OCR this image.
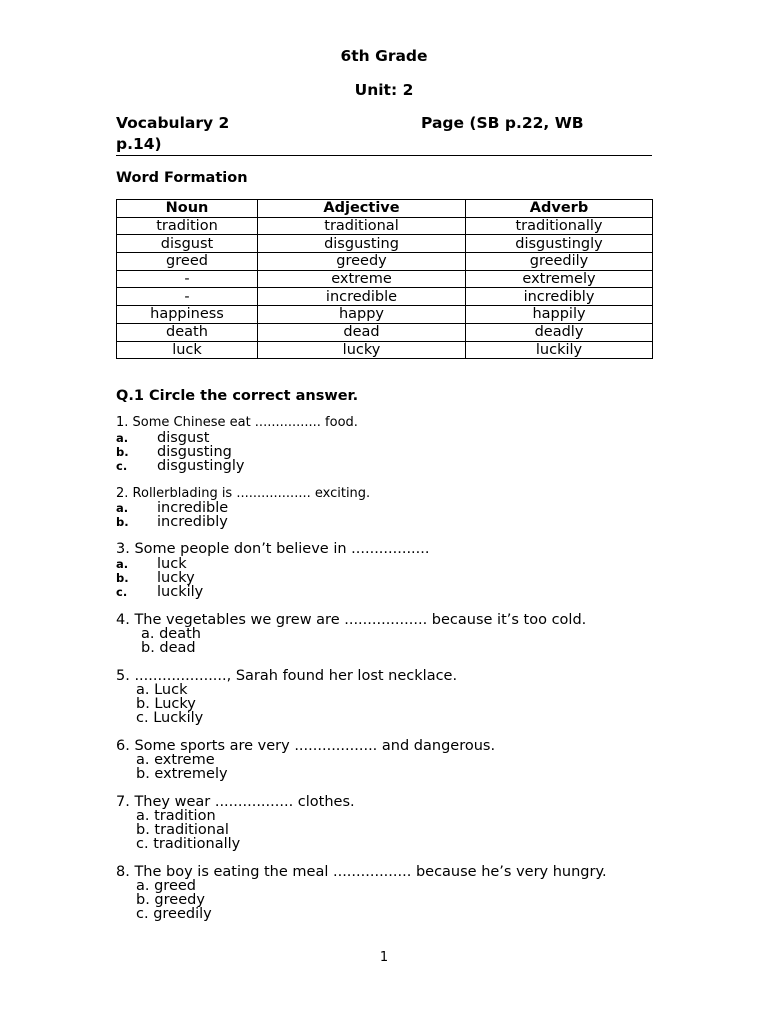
6th Grade
Unit: 2
Vocabulary 2	Page (SB p.22, WB
p.14)
Word Formation
Noun	Adjective	Adverb
tradition	traditional	traditionally
disgust	disgusting	disgustingly
greed	greedy	greedily
-	extreme	extremely
-	incredible	incredibly
happiness	happy	happily
death	dead	deadly
luck	lucky	luckily
Q.1 Circle the correct answer.
1. Some Chinese eat ................ food.
a. disgust
b. disgusting
c. disgustingly
2. Rollerblading is .................. exciting.
a. incredible
b. incredibly
3. Some people don’t believe in .................
a. luck
b. lucky
c. luckily
4. The vegetables we grew are .................. because it’s too cold.
a. death
b. dead
5. ...................., Sarah found her lost necklace.
a. Luck
b. Lucky
c. Luckily
6. Some sports are very .................. and dangerous.
a. extreme
b. extremely
7. They wear ................. clothes.
a. tradition
b. traditional
c. traditionally
8. The boy is eating the meal ................. because he’s very hungry.
a. greed
b. greedy
c. greedily
1
